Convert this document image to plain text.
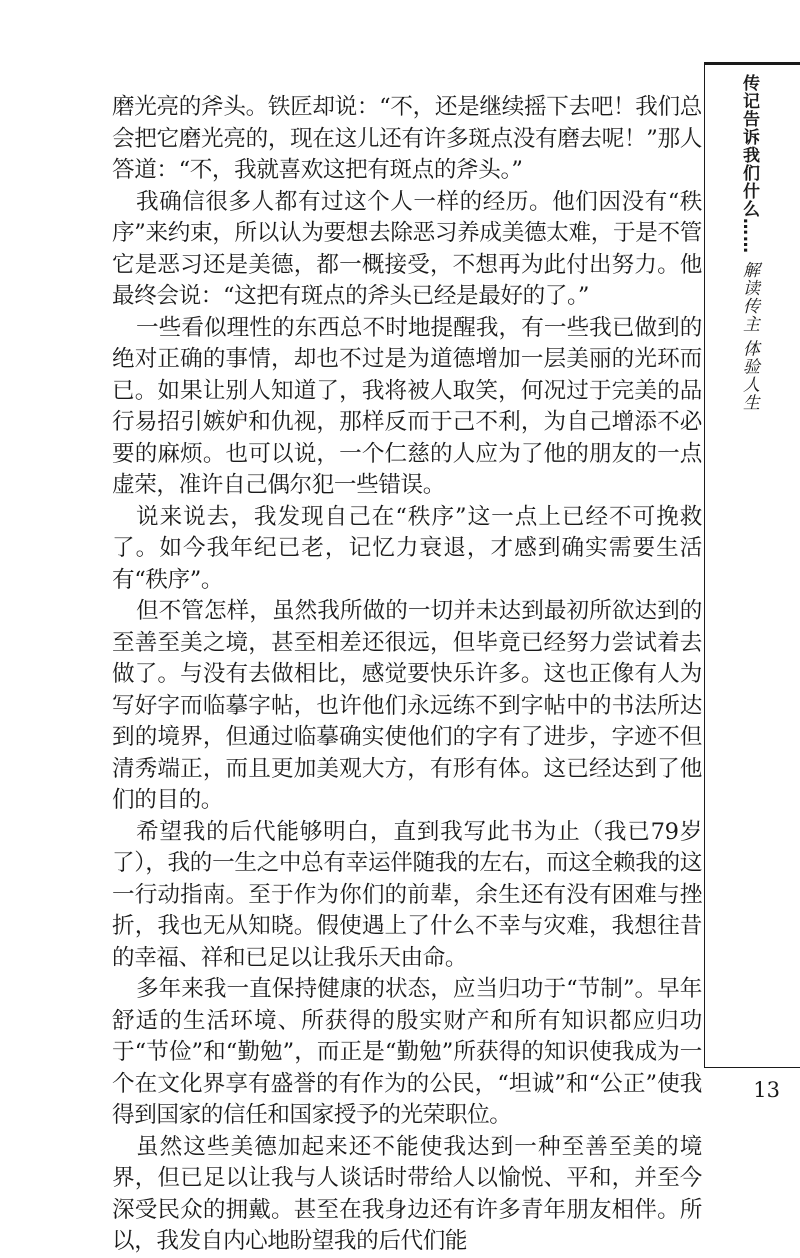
传记告诉我们什么…… 解读传主 体验人生

磨光亮的斧头。铁匠却说：“不，还是继续摇下去吧！我们总会把它磨光亮的，现在这儿还有许多斑点没有磨去呢！”那人答道：“不，我就喜欢这把有斑点的斧头。”

我确信很多人都有过这个人一样的经历。他们因没有“秩序”来约束，所以认为要想去除恶习养成美德太难，于是不管它是恶习还是美德，都一概接受，不想再为此付出努力。他最终会说：“这把有斑点的斧头已经是最好的了。”

一些看似理性的东西总不时地提醒我，有一些我已做到的绝对正确的事情，却也不过是为道德增加一层美丽的光环而已。如果让别人知道了，我将被人取笑，何况过于完美的品行易招引嫉妒和仇视，那样反而于己不利，为自己增添不必要的麻烦。也可以说，一个仁慈的人应为了他的朋友的一点虚荣，准许自己偶尔犯一些错误。

说来说去，我发现自己在“秩序”这一点上已经不可挽救了。如今我年纪已老，记忆力衰退，才感到确实需要生活有“秩序”。

但不管怎样，虽然我所做的一切并未达到最初所欲达到的至善至美之境，甚至相差还很远，但毕竟已经努力尝试着去做了。与没有去做相比，感觉要快乐许多。这也正像有人为写好字而临摹字帖，也许他们永远练不到字帖中的书法所达到的境界，但通过临摹确实使他们的字有了进步，字迹不但清秀端正，而且更加美观大方，有形有体。这已经达到了他们的目的。

希望我的后代能够明白，直到我写此书为止（我已79岁了），我的一生之中总有幸运伴随我的左右，而这全赖我的这一行动指南。至于作为你们的前辈，余生还有没有困难与挫折，我也无从知晓。假使遇上了什么不幸与灾难，我想往昔的幸福、祥和已足以让我乐天由命。

多年来我一直保持健康的状态，应当归功于“节制”。早年舒适的生活环境、所获得的殷实财产和所有知识都应归功于“节俭”和“勤勉”，而正是“勤勉”所获得的知识使我成为一个在文化界享有盛誉的有作为的公民，“坦诚”和“公正”使我得到国家的信任和国家授予的光荣职位。

虽然这些美德加起来还不能使我达到一种至善至美的境界，但已足以让我与人谈话时带给人以愉悦、平和，并至今深受民众的拥戴。甚至在我身边还有许多青年朋友相伴。所以，我发自内心地盼望我的后代们能

13
